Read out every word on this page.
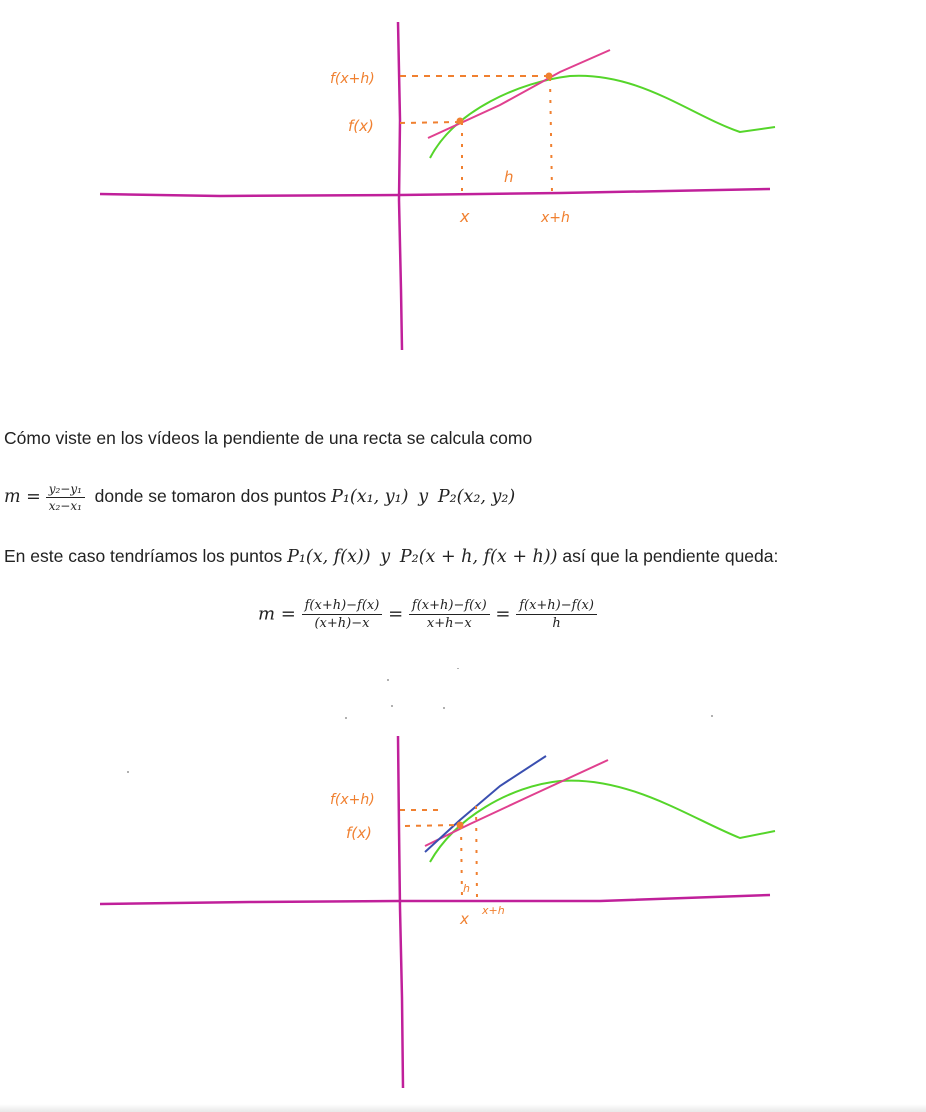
f(x+h)
f(x)
h
x	x+h
Cómo viste en los vídeos la pendiente de una recta se calcula como
$m = \frac{\text{y₂−y₁}}{\text{x₂−x₁}}$ donde se tomaron dos puntos P₁(x₁, y₁) y P₂(x₂, y₂)
En este caso tendríamos los puntos P₁(x, f(x)) y P₂(x + h, f(x + h)) así que la pendiente queda:
$m = \frac{f(x+h)-f(x)}{(x+h)-x} = \frac{f(x+h)-f(x)}{x+h-x} = \frac{f(x+h)-f(x)}{h}$
f(x+h)
f(x)
h
x x+h
